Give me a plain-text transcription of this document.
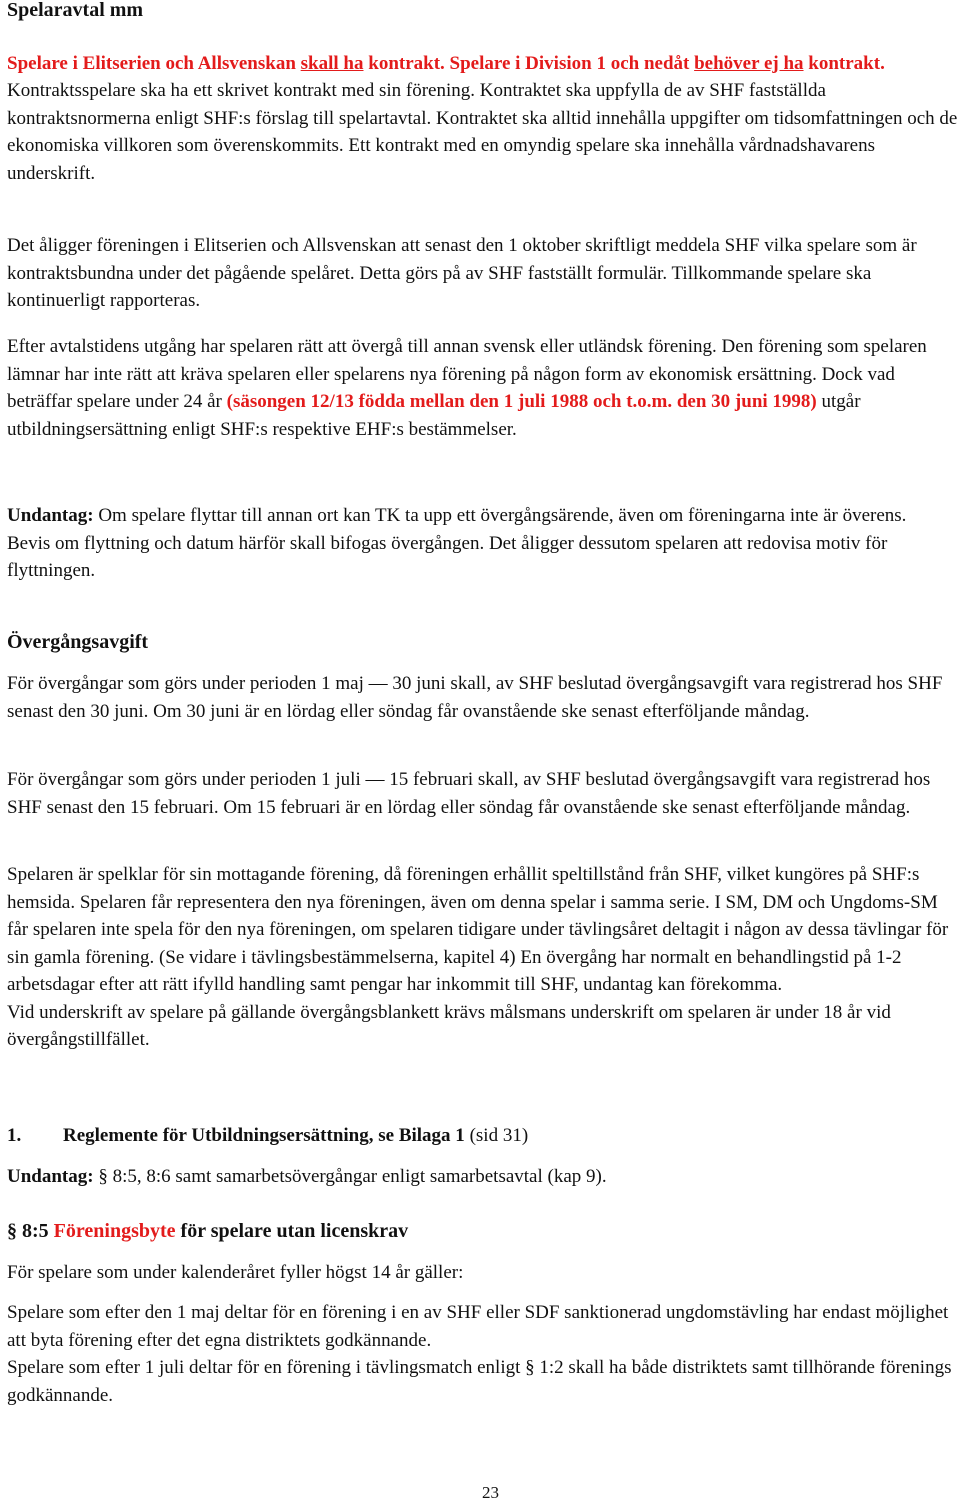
Spelaravtal mm

Spelare i Elitserien och Allsvenskan skall ha kontrakt. Spelare i Division 1 och nedåt behöver ej ha kontrakt.

Kontraktsspelare ska ha ett skrivet kontrakt med sin förening. Kontraktet ska uppfylla de av SHF fastställda kontraktsnormerna enligt SHF:s förslag till spelartavtal. Kontraktet ska alltid innehålla uppgifter om tidsomfattningen och de ekonomiska villkoren som överenskommits. Ett kontrakt med en omyndig spelare ska innehålla vårdnadshavarens underskrift.

Det åligger föreningen i Elitserien och Allsvenskan att senast den 1 oktober skriftligt meddela SHF vilka spelare som är kontraktsbundna under det pågående spelåret. Detta görs på av SHF fastställt formulär. Tillkommande spelare ska kontinuerligt rapporteras.

Efter avtalstidens utgång har spelaren rätt att övergå till annan svensk eller utländsk förening. Den förening som spelaren lämnar har inte rätt att kräva spelaren eller spelarens nya förening på någon form av ekonomisk ersättning. Dock vad beträffar spelare under 24 år (säsongen 12/13 födda mellan den 1 juli 1988 och t.o.m. den 30 juni 1998) utgår utbildningsersättning enligt SHF:s respektive EHF:s bestämmelser.

Undantag: Om spelare flyttar till annan ort kan TK ta upp ett övergångsärende, även om föreningarna inte är överens.
Bevis om flyttning och datum härför skall bifogas övergången. Det åligger dessutom spelaren att redovisa motiv för flyttningen.

Övergångsavgift

För övergångar som görs under perioden 1 maj — 30 juni skall, av SHF beslutad övergångsavgift vara registrerad hos SHF senast den 30 juni. Om 30 juni är en lördag eller söndag får ovanstående ske senast efterföljande måndag.

För övergångar som görs under perioden 1 juli — 15 februari skall, av SHF beslutad övergångsavgift vara registrerad hos SHF senast den 15 februari. Om 15 februari är en lördag eller söndag får ovanstående ske senast efterföljande måndag.

Spelaren är spelklar för sin mottagande förening, då föreningen erhållit speltillstånd från SHF, vilket kungöres på SHF:s hemsida. Spelaren får representera den nya föreningen, även om denna spelar i samma serie. I SM, DM och Ungdoms-SM får spelaren inte spela för den nya föreningen, om spelaren tidigare under tävlingsåret deltagit i någon av dessa tävlingar för sin gamla förening. (Se vidare i tävlingsbestämmelserna, kapitel 4) En övergång har normalt en behandlingstid på 1-2 arbetsdagar efter att rätt ifylld handling samt pengar har inkommit till SHF, undantag kan förekomma.
Vid underskrift av spelare på gällande övergångsblankett krävs målsmans underskrift om spelaren är under 18 år vid övergångstillfället.

1. Reglemente för Utbildningsersättning, se Bilaga 1 (sid 31)

Undantag: § 8:5, 8:6 samt samarbetsövergångar enligt samarbetsavtal (kap 9).

§ 8:5 Föreningsbyte för spelare utan licenskrav

För spelare som under kalenderåret fyller högst 14 år gäller:

Spelare som efter den 1 maj deltar för en förening i en av SHF eller SDF sanktionerad ungdomstävling har endast möjlighet att byta förening efter det egna distriktets godkännande.
Spelare som efter 1 juli deltar för en förening i tävlingsmatch enligt § 1:2 skall ha både distriktets samt tillhörande förenings godkännande.

23
